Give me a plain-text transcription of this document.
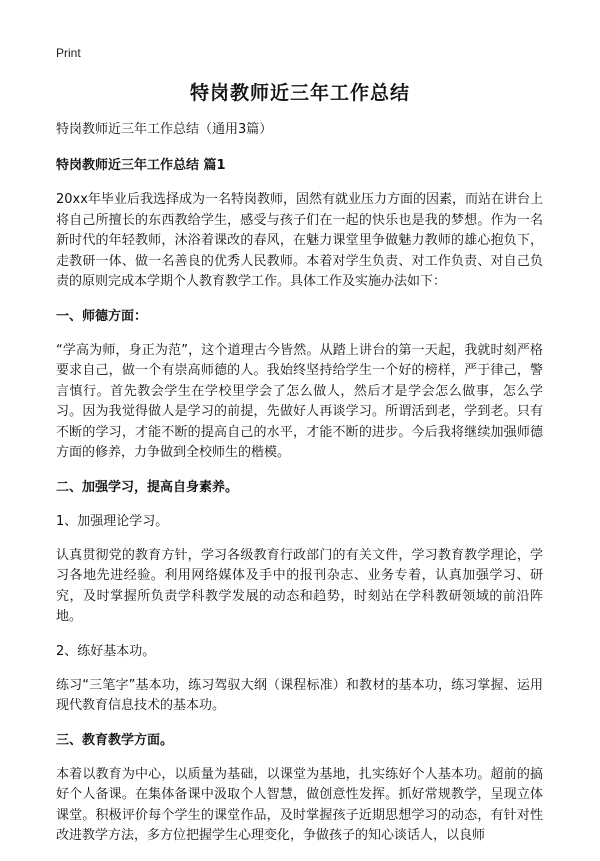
Print
特岗教师近三年工作总结
特岗教师近三年工作总结（通用3篇）
特岗教师近三年工作总结 篇1

20xx年毕业后我选择成为一名特岗教师，固然有就业压力方面的因素，而站在讲台上将自己所擅长的东西教给学生，感受与孩子们在一起的快乐也是我的梦想。作为一名新时代的年轻教师，沐浴着课改的春风，在魅力课堂里争做魅力教师的雄心抱负下，走教研一体、做一名善良的优秀人民教师。本着对学生负责、对工作负责、对自己负责的原则完成本学期个人教育教学工作。具体工作及实施办法如下：

一、师德方面：

“学高为师，身正为范”，这个道理古今皆然。从踏上讲台的第一天起，我就时刻严格要求自己，做一个有崇高师德的人。我始终坚持给学生一个好的榜样，严于律己，警言慎行。首先教会学生在学校里学会了怎么做人，然后才是学会怎么做事，怎么学习。因为我觉得做人是学习的前提，先做好人再谈学习。所谓活到老，学到老。只有不断的学习，才能不断的提高自己的水平，才能不断的进步。今后我将继续加强师德方面的修养，力争做到全校师生的楷模。

二、加强学习，提高自身素养。
1、加强理论学习。

认真贯彻党的教育方针，学习各级教育行政部门的有关文件，学习教育教学理论，学习各地先进经验。利用网络媒体及手中的报刊杂志、业务专着，认真加强学习、研究，及时掌握所负责学科教学发展的动态和趋势，时刻站在学科教研领域的前沿阵地。

2、练好基本功。

练习“三笔字”基本功，练习驾驭大纲（课程标准）和教材的基本功，练习掌握、运用现代教育信息技术的基本功。

三、教育教学方面。

本着以教育为中心，以质量为基础，以课堂为基地，扎实练好个人基本功。超前的搞好个人备课。在集体备课中汲取个人智慧，做创意性发挥。抓好常规教学，呈现立体课堂。积极评价每个学生的课堂作品，及时掌握孩子近期思想学习的动态，有针对性改进教学方法，多方位把握学生心理变化，争做孩子的知心谈话人，以良师
